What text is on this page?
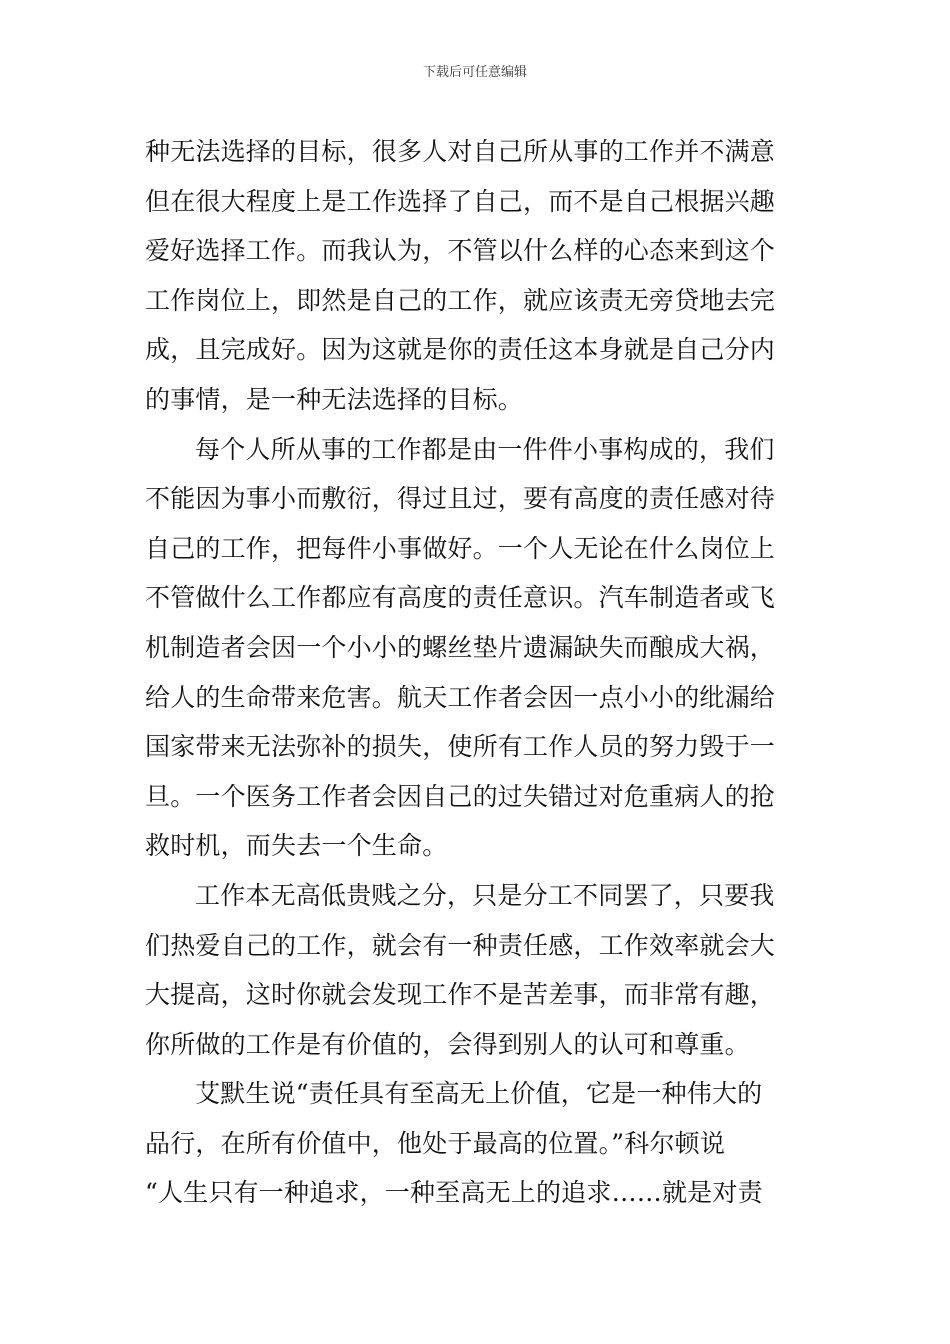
下载后可任意编辑
种无法选择的目标，很多人对自己所从事的工作并不满意
但在很大程度上是工作选择了自己，而不是自己根据兴趣
爱好选择工作。而我认为，不管以什么样的心态来到这个
工作岗位上，即然是自己的工作，就应该责无旁贷地去完
成，且完成好。因为这就是你的责任这本身就是自己分内
的事情，是一种无法选择的目标。
每个人所从事的工作都是由一件件小事构成的，我们
不能因为事小而敷衍，得过且过，要有高度的责任感对待
自己的工作，把每件小事做好。一个人无论在什么岗位上
不管做什么工作都应有高度的责任意识。汽车制造者或飞
机制造者会因一个小小的螺丝垫片遗漏缺失而酿成大祸，
给人的生命带来危害。航天工作者会因一点小小的纰漏给
国家带来无法弥补的损失，使所有工作人员的努力毁于一
旦。一个医务工作者会因自己的过失错过对危重病人的抢
救时机，而失去一个生命。
工作本无高低贵贱之分，只是分工不同罢了，只要我
们热爱自己的工作，就会有一种责任感，工作效率就会大
大提高，这时你就会发现工作不是苦差事，而非常有趣，
你所做的工作是有价值的，会得到别人的认可和尊重。
艾默生说“责任具有至高无上价值，它是一种伟大的
品行，在所有价值中，他处于最高的位置。”科尔顿说
“人生只有一种追求，一种至高无上的追求……就是对责
